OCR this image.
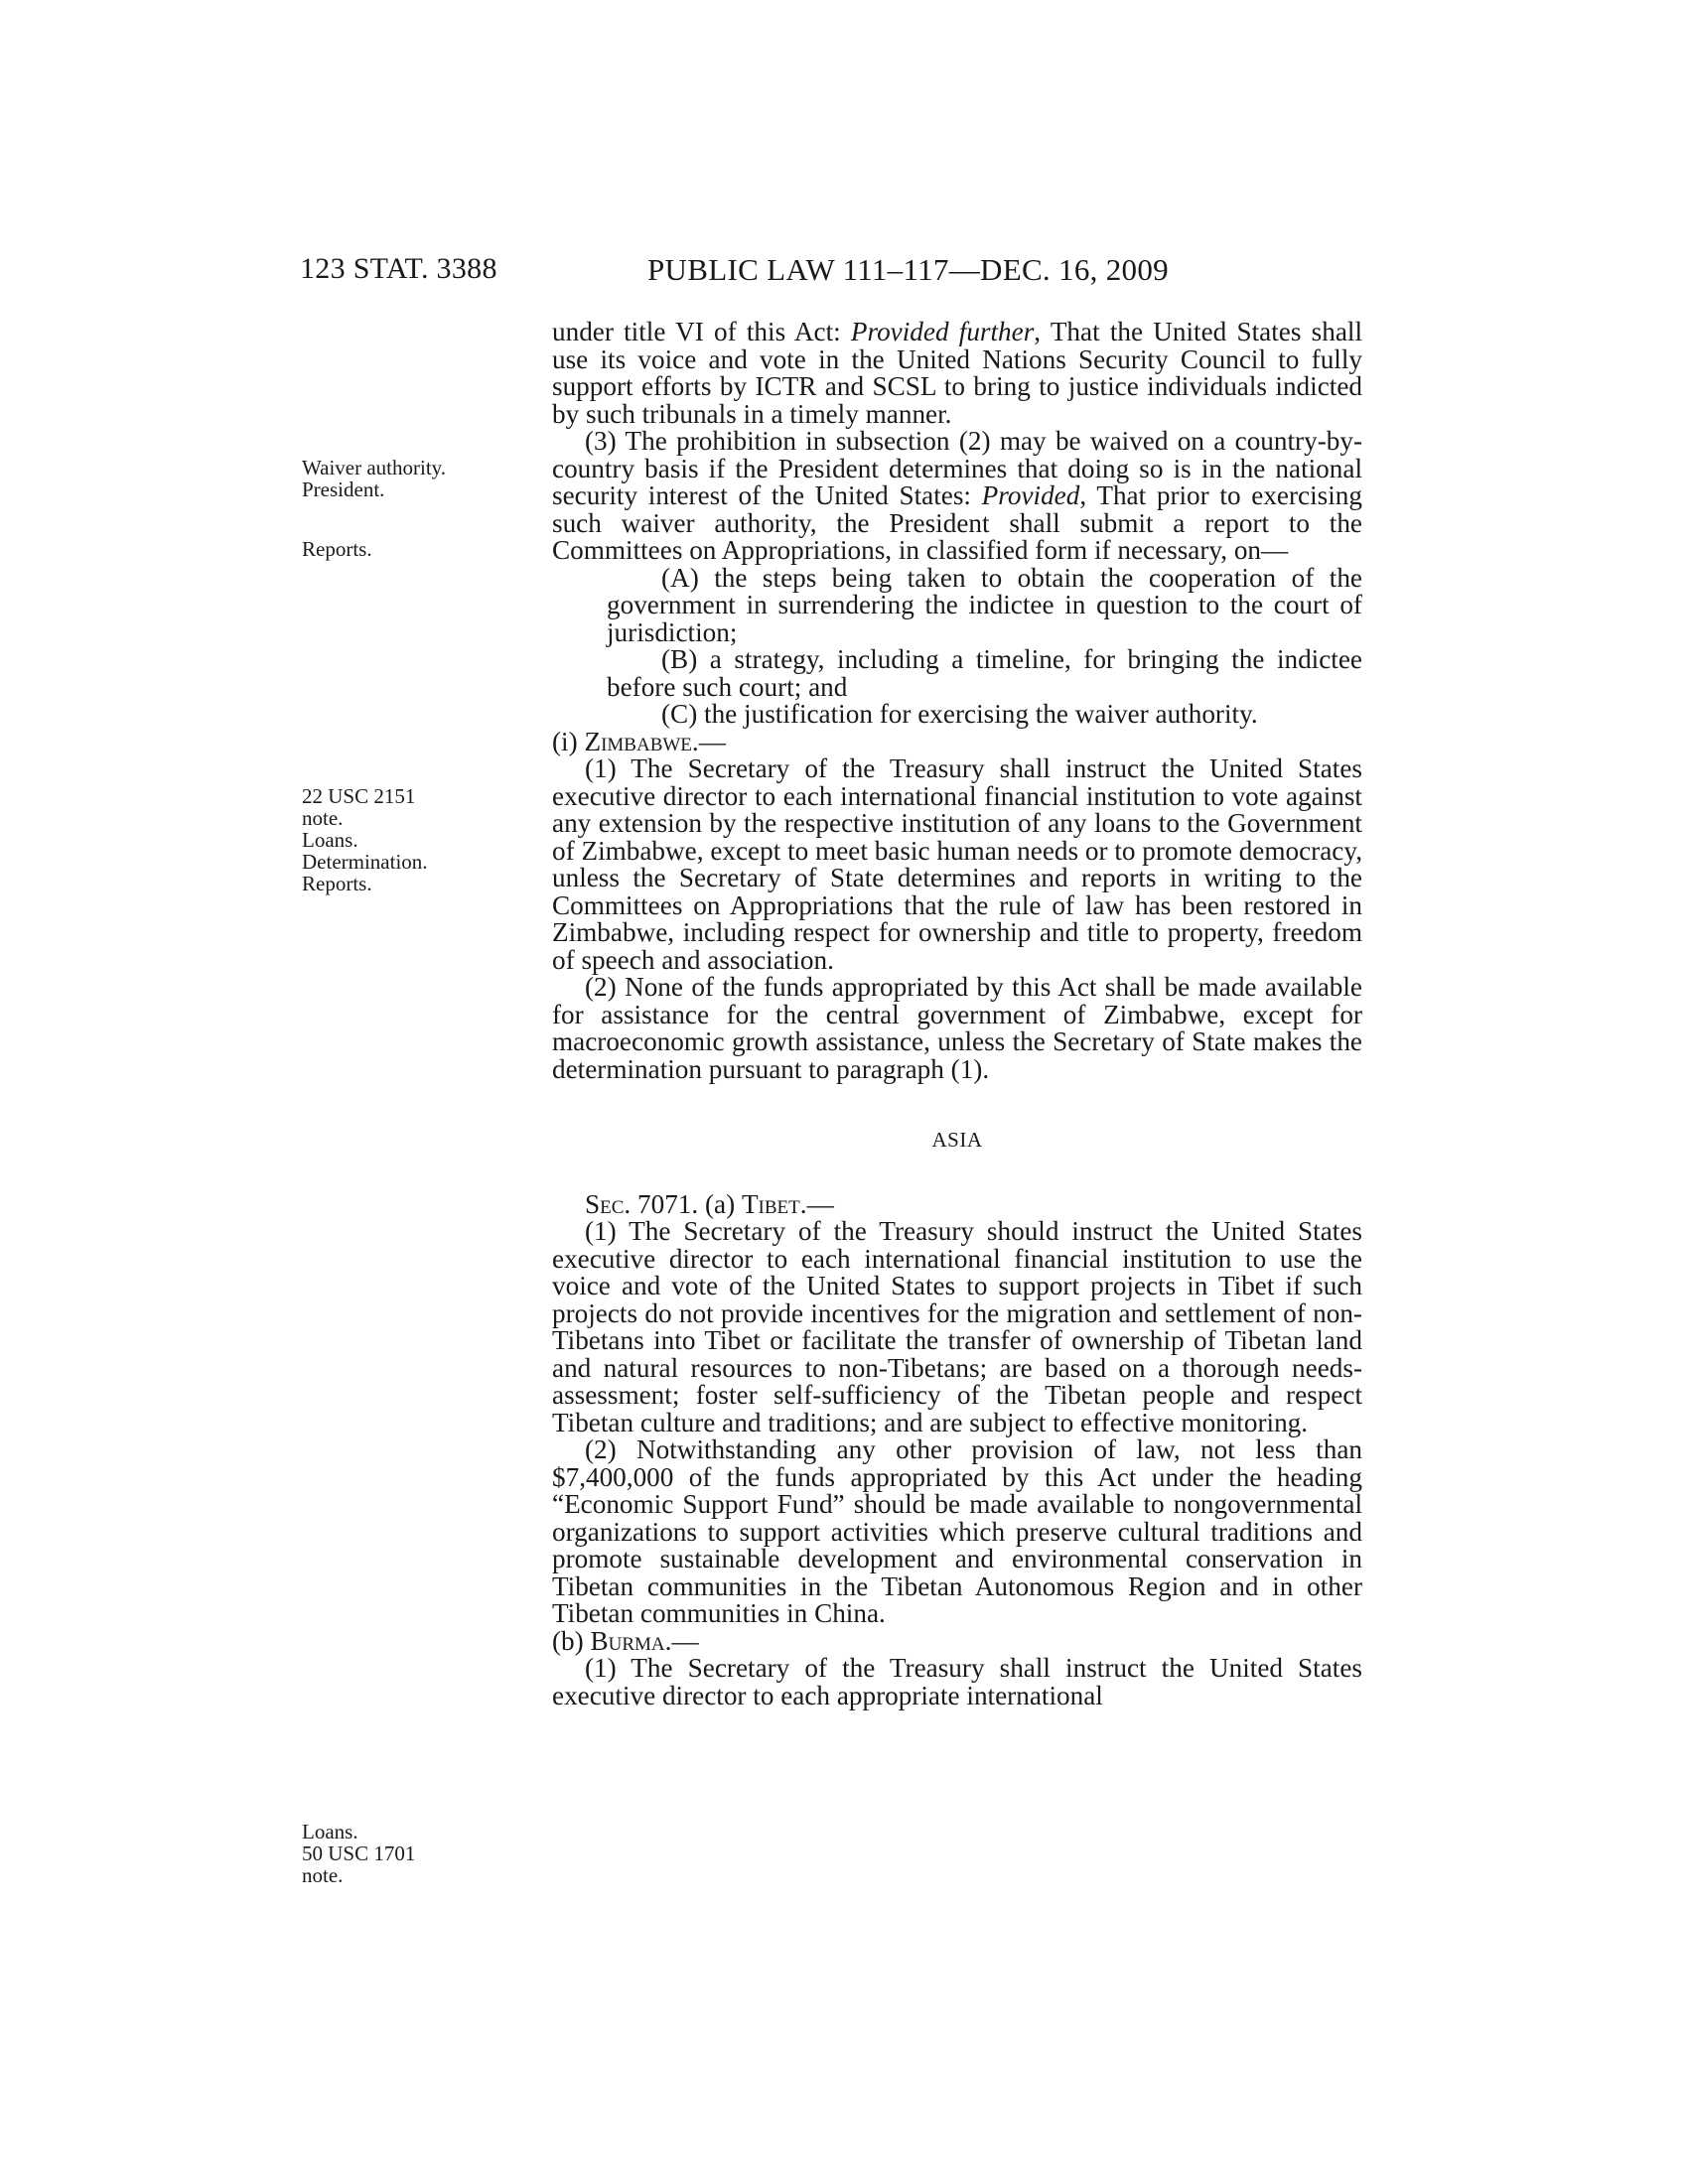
123 STAT. 3388	PUBLIC LAW 111–117—DEC. 16, 2009
Waiver authority.
President.
Reports.
22 USC 2151
note.
Loans.
Determination.
Reports.
Loans.
50 USC 1701
note.

under title VI of this Act: Provided further, That the United States shall use its voice and vote in the United Nations Security Council to fully support efforts by ICTR and SCSL to bring to justice individuals indicted by such tribunals in a timely manner.

(3) The prohibition in subsection (2) may be waived on a country-by-country basis if the President determines that doing so is in the national security interest of the United States: Provided, That prior to exercising such waiver authority, the President shall submit a report to the Committees on Appropriations, in classified form if necessary, on—

(A) the steps being taken to obtain the cooperation of the government in surrendering the indictee in question to the court of jurisdiction;

(B) a strategy, including a timeline, for bringing the indictee before such court; and

(C) the justification for exercising the waiver authority.

(i) Zimbabwe.—

(1) The Secretary of the Treasury shall instruct the United States executive director to each international financial institution to vote against any extension by the respective institution of any loans to the Government of Zimbabwe, except to meet basic human needs or to promote democracy, unless the Secretary of State determines and reports in writing to the Committees on Appropriations that the rule of law has been restored in Zimbabwe, including respect for ownership and title to property, freedom of speech and association.

(2) None of the funds appropriated by this Act shall be made available for assistance for the central government of Zimbabwe, except for macroeconomic growth assistance, unless the Secretary of State makes the determination pursuant to paragraph (1).

ASIA

Sec. 7071. (a) Tibet.—

(1) The Secretary of the Treasury should instruct the United States executive director to each international financial institution to use the voice and vote of the United States to support projects in Tibet if such projects do not provide incentives for the migration and settlement of non-Tibetans into Tibet or facilitate the transfer of ownership of Tibetan land and natural resources to non-Tibetans; are based on a thorough needs-assessment; foster self-sufficiency of the Tibetan people and respect Tibetan culture and traditions; and are subject to effective monitoring.

(2) Notwithstanding any other provision of law, not less than $7,400,000 of the funds appropriated by this Act under the heading “Economic Support Fund” should be made available to nongovernmental organizations to support activities which preserve cultural traditions and promote sustainable development and environmental conservation in Tibetan communities in the Tibetan Autonomous Region and in other Tibetan communities in China.

(b) Burma.—

(1) The Secretary of the Treasury shall instruct the United States executive director to each appropriate international
